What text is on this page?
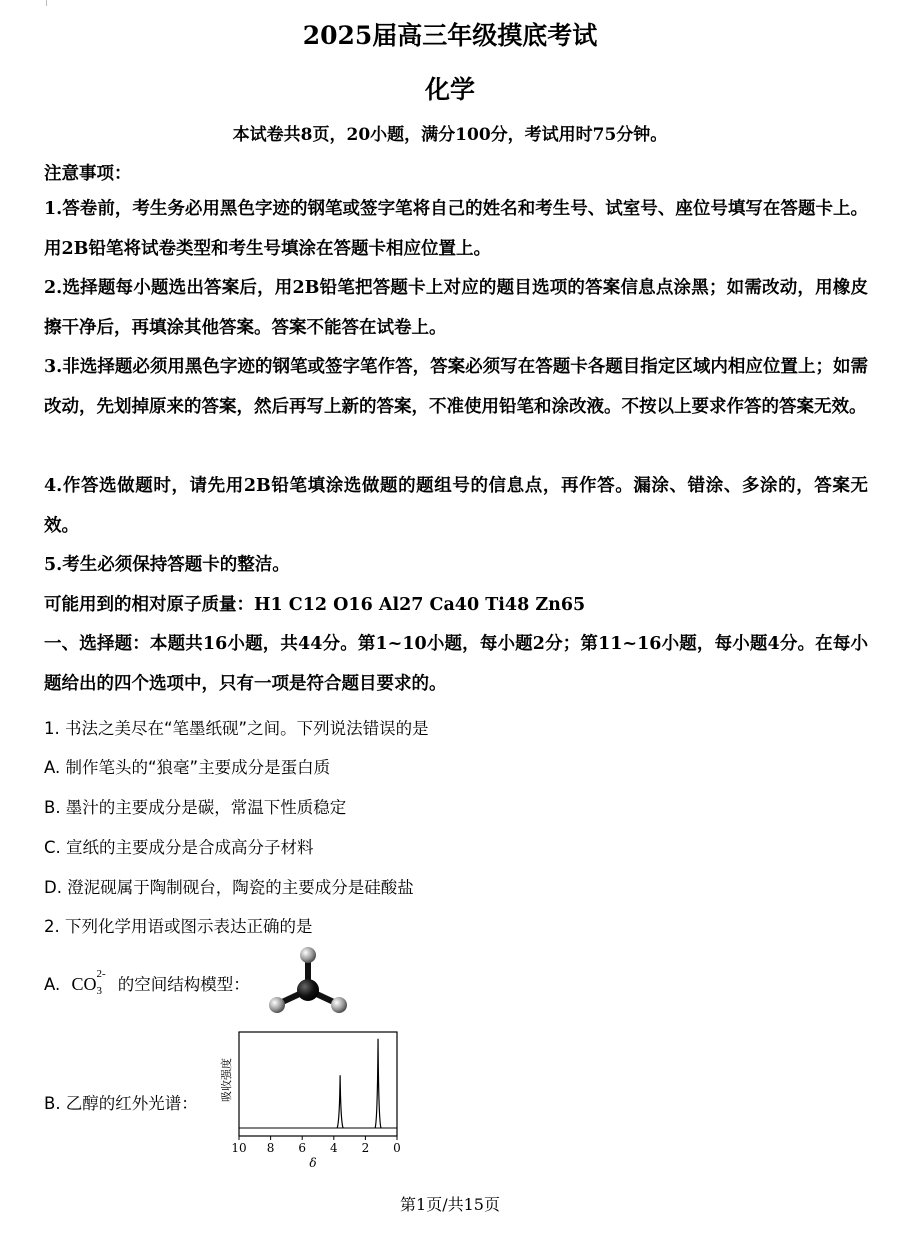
2025届高三年级摸底考试
化学
本试卷共8页，20小题，满分100分，考试用时75分钟。
注意事项：
1.答卷前，考生务必用黑色字迹的钢笔或签字笔将自己的姓名和考生号、试室号、座位号填写在答题卡上。用2B铅笔将试卷类型和考生号填涂在答题卡相应位置上。
2.选择题每小题选出答案后，用2B铅笔把答题卡上对应的题目选项的答案信息点涂黑；如需改动，用橡皮擦干净后，再填涂其他答案。答案不能答在试卷上。
3.非选择题必须用黑色字迹的钢笔或签字笔作答，答案必须写在答题卡各题目指定区域内相应位置上；如需改动，先划掉原来的答案，然后再写上新的答案，不准使用铅笔和涂改液。不按以上要求作答的答案无效。
4.作答选做题时，请先用2B铅笔填涂选做题的题组号的信息点，再作答。漏涂、错涂、多涂的，答案无效。
5.考生必须保持答题卡的整洁。
可能用到的相对原子质量：H1 C12 O16 Al27 Ca40 Ti48 Zn65
一、选择题：本题共16小题，共44分。第1~10小题，每小题2分；第11~16小题，每小题4分。在每小题给出的四个选项中，只有一项是符合题目要求的。
1. 书法之美尽在“笔墨纸砚”之间。下列说法错误的是
A. 制作笔头的“狼毫”主要成分是蛋白质
B. 墨汁的主要成分是碳，常温下性质稳定
C. 宣纸的主要成分是合成高分子材料
D. 澄泥砚属于陶制砚台，陶瓷的主要成分是硅酸盐
2. 下列化学用语或图示表达正确的是
A. CO
2-
3 的空间结构模型：
B. 乙醇的红外光谱：
吸收强度
δ
10 8 6 4 2 0
第1页/共15页
